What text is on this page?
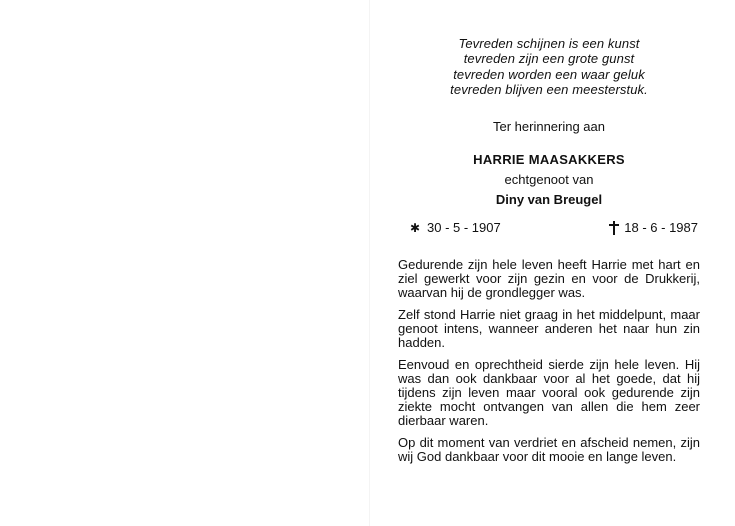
Tevreden schijnen is een kunst
tevreden zijn een grote gunst
tevreden worden een waar geluk
tevreden blijven een meesterstuk.
Ter herinnering aan
HARRIE MAASAKKERS
echtgenoot van
Diny van Breugel
✱ 30 - 5 - 1907	18 - 6 - 1987

Gedurende zijn hele leven heeft Harrie met hart en ziel gewerkt voor zijn gezin en voor de Drukkerij, waarvan hij de grondlegger was.

Zelf stond Harrie niet graag in het middelpunt, maar genoot intens, wanneer anderen het naar hun zin hadden.

Eenvoud en oprechtheid sierde zijn hele leven. Hij was dan ook dankbaar voor al het goede, dat hij tijdens zijn leven maar vooral ook gedurende zijn ziekte mocht ontvangen van allen die hem zeer dierbaar waren.

Op dit moment van verdriet en afscheid nemen, zijn wij God dankbaar voor dit mooie en lange leven.
